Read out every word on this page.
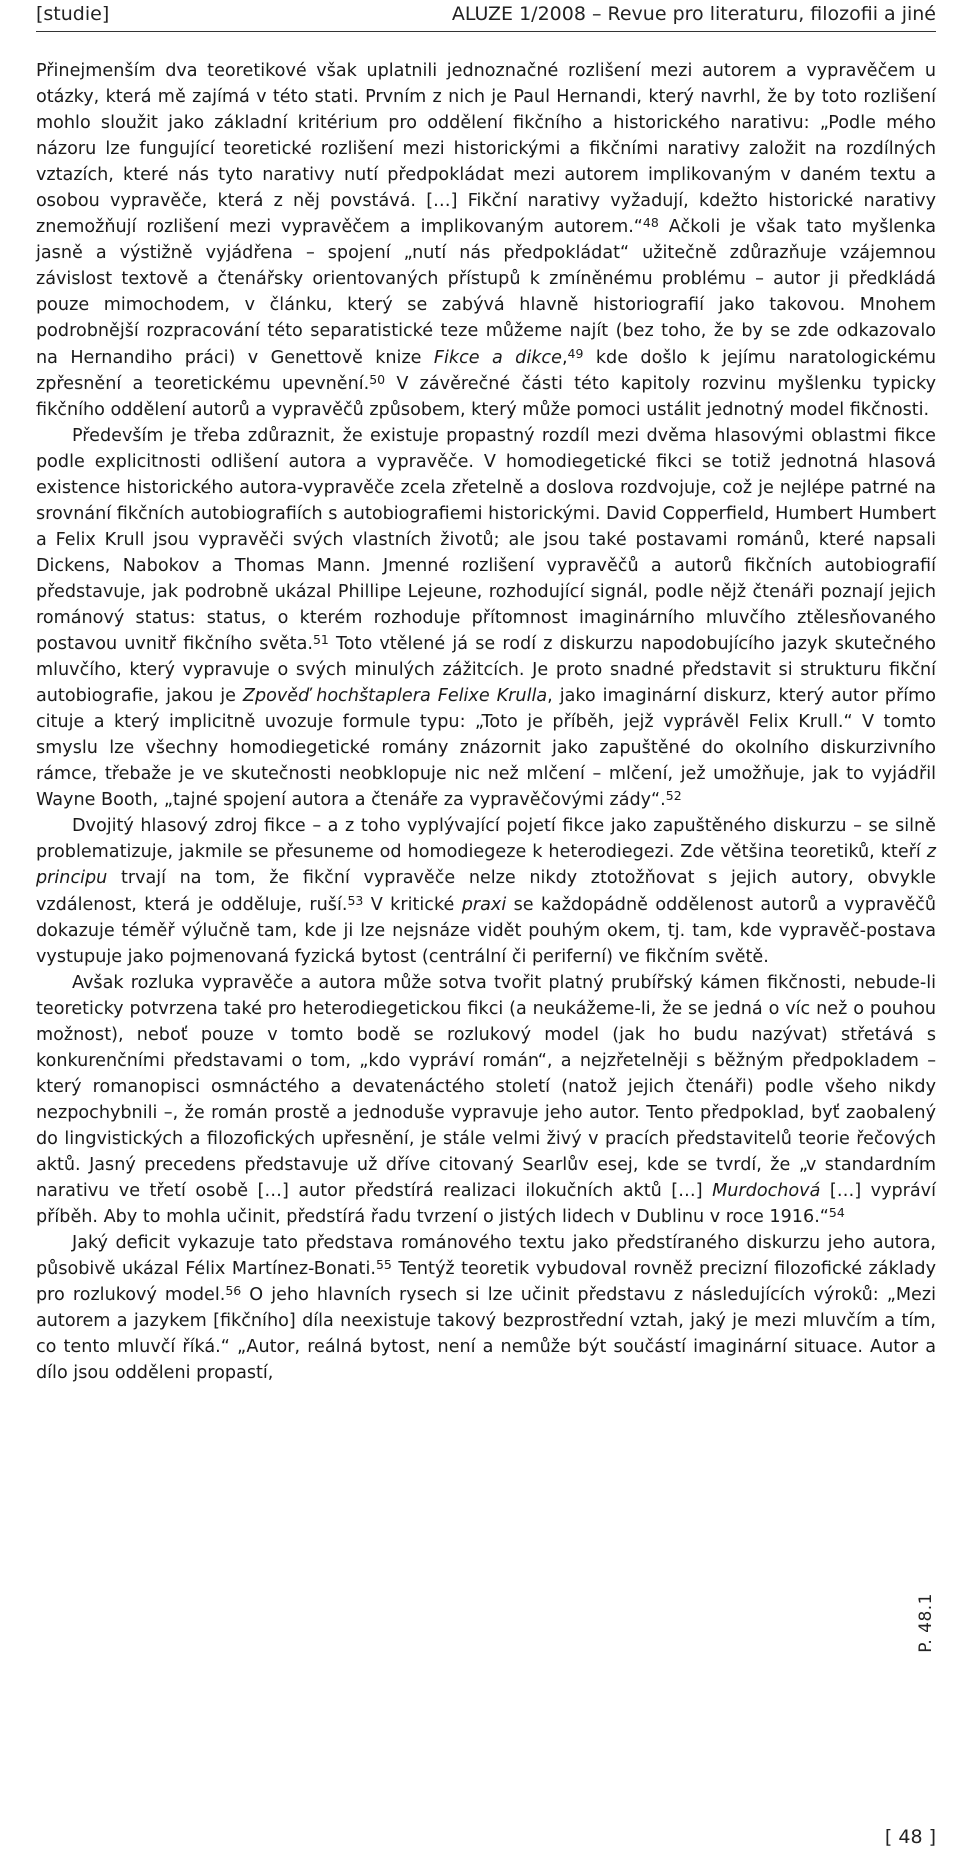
[studie]	ALUZE 1/2008 – Revue pro literaturu, filozofii a jiné

Přinejmenším dva teoretikové však uplatnili jednoznačné rozlišení mezi autorem a vypravěčem u otázky, která mě zajímá v této stati. Prvním z nich je Paul Hernandi, který navrhl, že by toto rozlišení mohlo sloužit jako základní kritérium pro oddělení fikčního a historického narativu: „Podle mého názoru lze fungující teoretické rozlišení mezi historickými a fikčními narativy založit na rozdílných vztazích, které nás tyto narativy nutí předpokládat mezi autorem implikovaným v daném textu a osobou vypravěče, která z něj povstává. […] Fikční narativy vyžadují, kdežto historické narativy znemožňují rozlišení mezi vypravěčem a implikovaným autorem.“$^{48}$ Ačkoli je však tato myšlenka jasně a výstižně vyjádřena – spojení „nutí nás předpokládat“ užitečně zdůrazňuje vzájemnou závislost textově a čtenářsky orientovaných přístupů k zmíněnému problému – autor ji předkládá pouze mimochodem, v článku, který se zabývá hlavně historiografií jako takovou. Mnohem podrobnější rozpracování této separatistické teze můžeme najít (bez toho, že by se zde odkazovalo na Hernandiho práci) v Genettově knize Fikce a dikce,$^{49}$ kde došlo k jejímu naratologickému zpřesnění a teoretickému upevnění.$^{50}$ V závěrečné části této kapitoly rozvinu myšlenku typicky fikčního oddělení autorů a vypravěčů způsobem, který může pomoci ustálit jednotný model fikčnosti.

Především je třeba zdůraznit, že existuje propastný rozdíl mezi dvěma hlasovými oblastmi fikce podle explicitnosti odlišení autora a vypravěče. V homodiegetické fikci se totiž jednotná hlasová existence historického autora-vypravěče zcela zřetelně a doslova rozdvojuje, což je nejlépe patrné na srovnání fikčních autobiografiích s autobiografiemi historickými. David Copperfield, Humbert Humbert a Felix Krull jsou vypravěči svých vlastních životů; ale jsou také postavami románů, které napsali Dickens, Nabokov a Thomas Mann. Jmenné rozlišení vypravěčů a autorů fikčních autobiografií představuje, jak podrobně ukázal Phillipe Lejeune, rozhodující signál, podle nějž čtenáři poznají jejich románový status: status, o kterém rozhoduje přítomnost imaginárního mluvčího ztělesňovaného postavou uvnitř fikčního světa.$^{51}$ Toto vtělené já se rodí z diskurzu napodobujícího jazyk skutečného mluvčího, který vypravuje o svých minulých zážitcích. Je proto snadné představit si strukturu fikční autobiografie, jakou je Zpověď hochštaplera Felixe Krulla, jako imaginární diskurz, který autor přímo cituje a který implicitně uvozuje formule typu: „Toto je příběh, jejž vyprávěl Felix Krull.“ V tomto smyslu lze všechny homodiegetické romány znázornit jako zapuštěné do okolního diskurzivního rámce, třebaže je ve skutečnosti neobklopuje nic než mlčení – mlčení, jež umožňuje, jak to vyjádřil Wayne Booth, „tajné spojení autora a čtenáře za vypravěčovými zády“.$^{52}$

Dvojitý hlasový zdroj fikce – a z toho vyplývající pojetí fikce jako zapuštěného diskurzu – se silně problematizuje, jakmile se přesuneme od homodiegeze k heterodiegezi. Zde většina teoretiků, kteří z principu trvají na tom, že fikční vypravěče nelze nikdy ztotožňovat s jejich autory, obvykle vzdálenost, která je odděluje, ruší.$^{53}$ V kritické praxi se každopádně oddělenost autorů a vypravěčů dokazuje téměř výlučně tam, kde ji lze nejsnáze vidět pouhým okem, tj. tam, kde vypravěč-postava vystupuje jako pojmenovaná fyzická bytost (centrální či periferní) ve fikčním světě.

Avšak rozluka vypravěče a autora může sotva tvořit platný prubířský kámen fikčnosti, nebude-li teoreticky potvrzena také pro heterodiegetickou fikci (a neukážeme-li, že se jedná o víc než o pouhou možnost), neboť pouze v tomto bodě se rozlukový model (jak ho budu nazývat) střetává s konkurenčními představami o tom, „kdo vypráví román“, a nejzřetelněji s běžným předpokladem – který romanopisci osmnáctého a devatenáctého století (natož jejich čtenáři) podle všeho nikdy nezpochybnili –, že román prostě a jednoduše vypravuje jeho autor. Tento předpoklad, byť zaobalený do lingvistických a filozofických upřesnění, je stále velmi živý v pracích představitelů teorie řečových aktů. Jasný precedens představuje už dříve citovaný Searlův esej, kde se tvrdí, že „v standardním narativu ve třetí osobě […] autor předstírá realizaci ilokučních aktů […] Murdochová […] vypráví příběh. Aby to mohla učinit, předstírá řadu tvrzení o jistých lidech v Dublinu v roce 1916.“$^{54}$

Jaký deficit vykazuje tato představa románového textu jako předstíraného diskurzu jeho autora, působivě ukázal Félix Martínez-Bonati.$^{55}$ Tentýž teoretik vybudoval rovněž precizní filozofické základy pro rozlukový model.$^{56}$ O jeho hlavních rysech si lze učinit představu z následujících výroků: „Mezi autorem a jazykem [fikčního] díla neexistuje takový bezprostřední vztah, jaký je mezi mluvčím a tím, co tento mluvčí říká.“ „Autor, reálná bytost, není a nemůže být součástí imaginární situace. Autor a dílo jsou odděleni propastí,

P. 48.1
[ 48 ]
